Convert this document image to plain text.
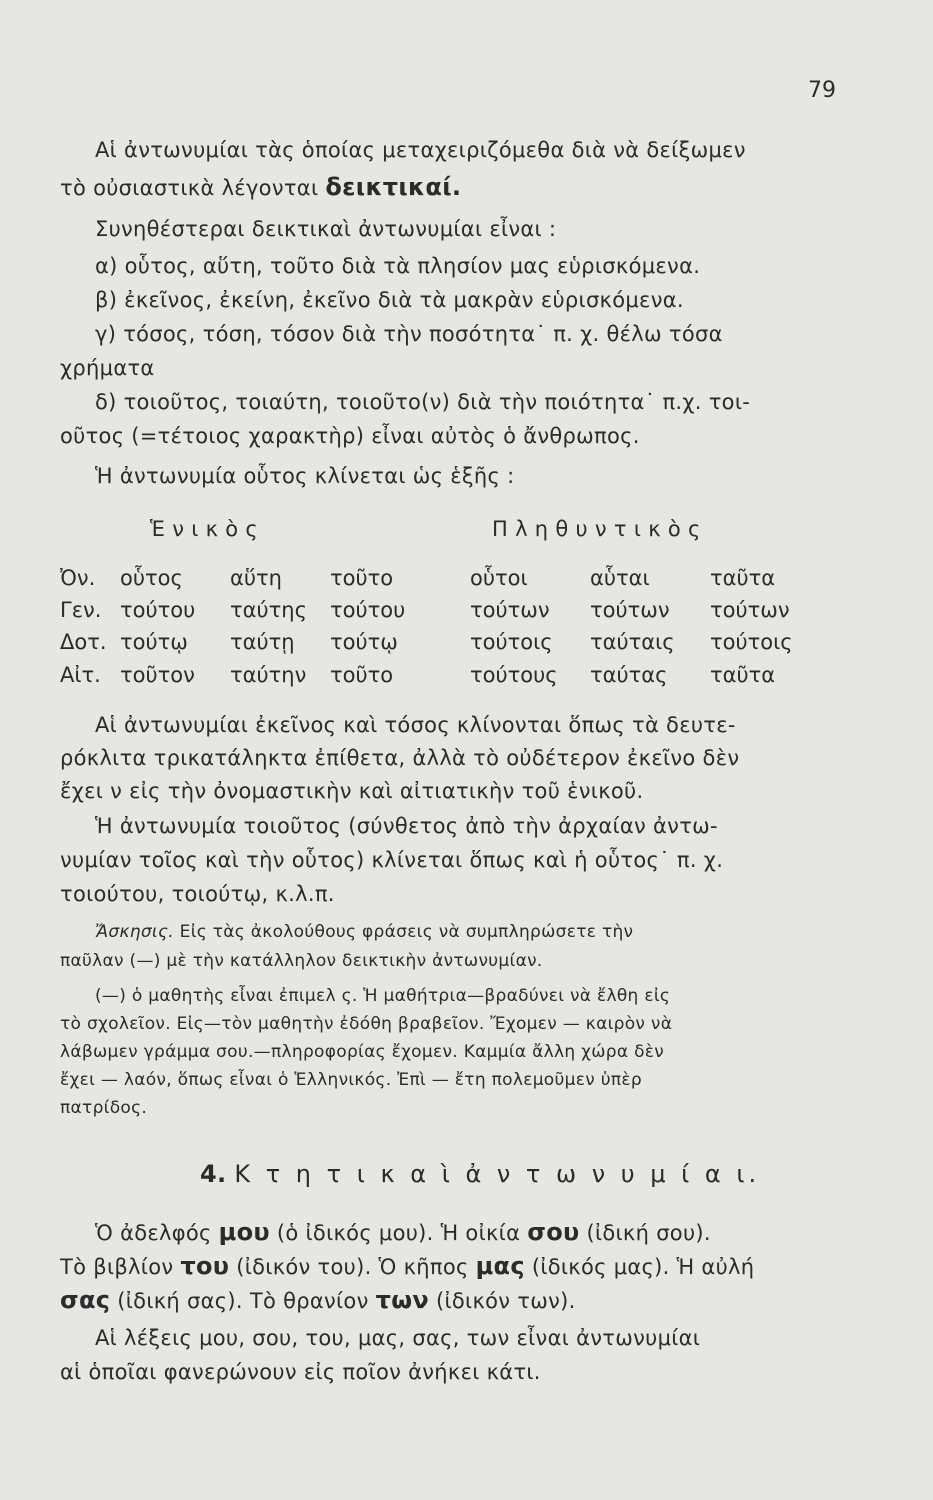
79
Αἱ ἀντωνυμίαι τὰς ὁποίας μεταχειριζόμεθα διὰ νὰ δείξωμεν
τὸ οὐσιαστικὰ λέγονται δεικτικαί.
Συνηθέστεραι δεικτικαὶ ἀντωνυμίαι εἶναι :
α) οὗτος, αὕτη, τοῦτο διὰ τὰ πλησίον μας εὑρισκόμενα.
β) ἐκεῖνος, ἐκείνη, ἐκεῖνο διὰ τὰ μακρὰν εὑρισκόμενα.
γ) τόσος, τόση, τόσον διὰ τὴν ποσότητα˙ π. χ. θέλω τόσα
χρήματα
δ) τοιοῦτος, τοιαύτη, τοιοῦτο(ν) διὰ τὴν ποιότητα˙ π.χ. τοι-
οῦτος (=τέτοιος χαρακτὴρ) εἶναι αὐτὸς ὁ ἄνθρωπος.
Ἡ ἀντωνυμία οὗτος κλίνεται ὡς ἑξῆς :
Ἑ ν ι κ ὸ ς	Π λ η θ υ ν τ ι κ ὸ ς
Ὀν. οὗτος αὕτη τοῦτο	οὗτοι	αὗται	ταῦτα
Γεν. τούτου ταύτης τούτου	τούτων τούτων τούτων
Δοτ. τούτῳ ταύτῃ τούτῳ	τούτοις ταύταις τούτοις
Αἰτ. τοῦτον ταύτην τοῦτο	τούτους ταύτας ταῦτα
Αἱ ἀντωνυμίαι ἐκεῖνος καὶ τόσος κλίνονται ὅπως τὰ δευτε-
ρόκλιτα τρικατάληκτα ἐπίθετα, ἀλλὰ τὸ οὐδέτερον ἐκεῖνο δὲν
ἔχει ν εἰς τὴν ὀνομαστικὴν καὶ αἰτιατικὴν τοῦ ἑνικοῦ.
Ἡ ἀντωνυμία τοιοῦτος (σύνθετος ἀπὸ τὴν ἀρχαίαν ἀντω-
νυμίαν τοῖος καὶ τὴν οὗτος) κλίνεται ὅπως καὶ ἡ οὗτος˙ π. χ.
τοιούτου, τοιούτῳ, κ.λ.π.
Ἄσκησις. Εἰς τὰς ἀκολούθους φράσεις νὰ συμπληρώσετε τὴν
παῦλαν (—) μὲ τὴν κατάλληλον δεικτικὴν ἀντωνυμίαν.
(—) ὁ μαθητὴς εἶναι ἐπιμελ ς. Ἡ μαθήτρια—βραδύνει νὰ ἔλθη εἰς
τὸ σχολεῖον. Εἰς—τὸν μαθητὴν ἐδόθη βραβεῖον. Ἔχομεν — καιρὸν νὰ
λάβωμεν γράμμα σου.—πληροφορίας ἔχομεν. Καμμία ἄλλη χώρα δὲν
ἔχει — λαόν, ὅπως εἶναι ὁ Ἑλληνικός. Ἐπὶ — ἔτη πολεμοῦμεν ὑπὲρ
πατρίδος.
4. Κ τ η τ ι κ α ὶ ἀ ν τ ω ν υ μ ί α ι.
Ὁ ἀδελφός μου (ὁ ἰδικός μου). Ἡ οἰκία σου (ἰδική σου).
Τὸ βιβλίον του (ἰδικόν του). Ὁ κῆπος μας (ἰδικός μας). Ἡ αὐλή
σας (ἰδική σας). Τὸ θρανίον των (ἰδικόν των).
Αἱ λέξεις μου, σου, του, μας, σας, των εἶναι ἀντωνυμίαι
αἱ ὁποῖαι φανερώνουν εἰς ποῖον ἀνήκει κάτι.
